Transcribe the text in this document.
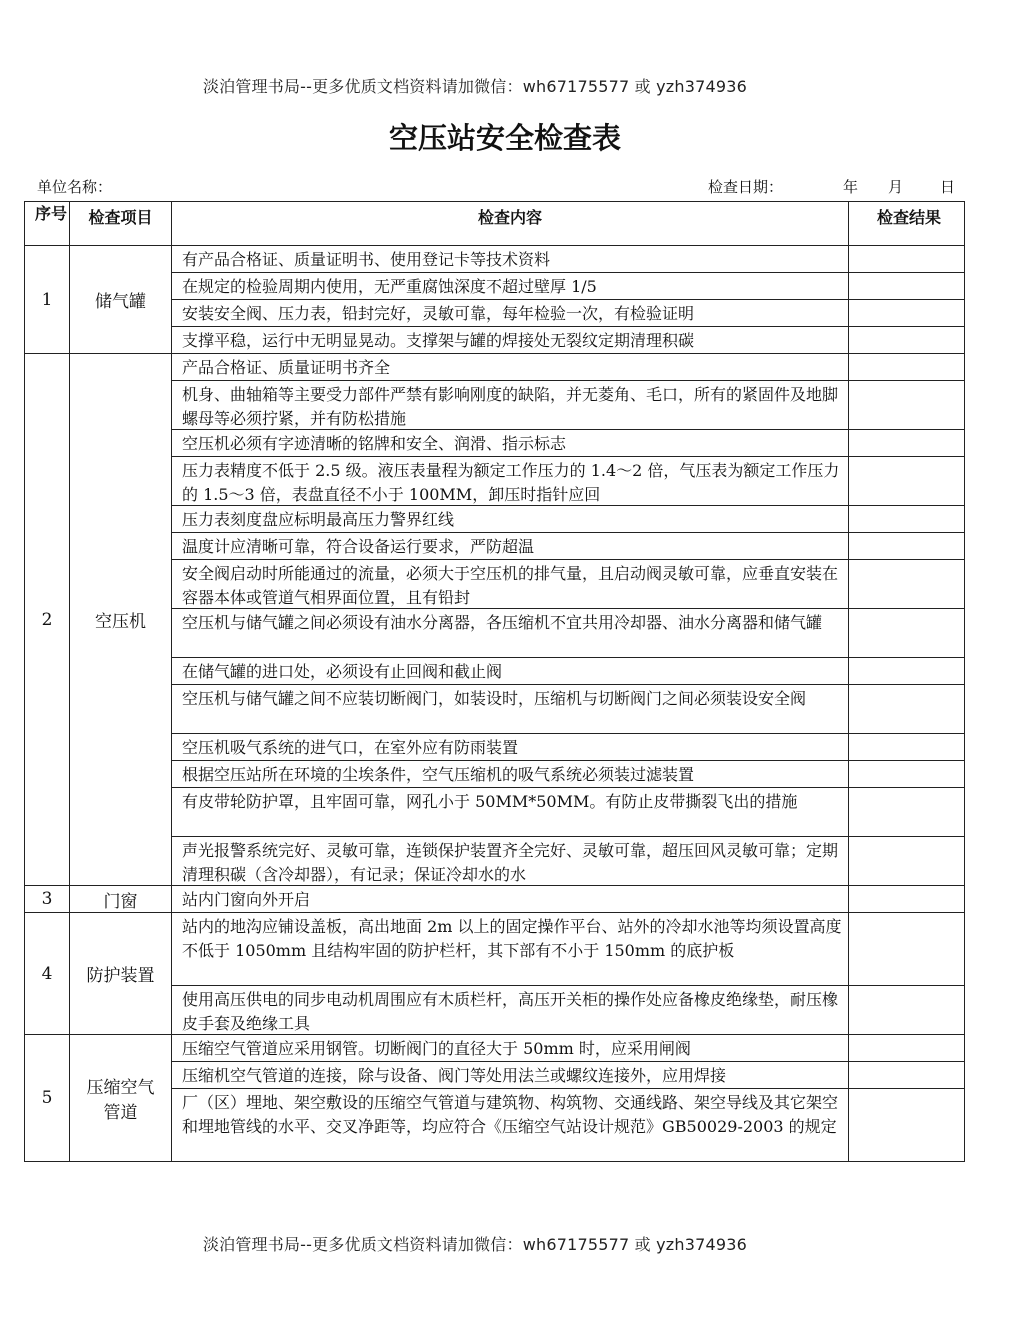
淡泊管理书局--更多优质文档资料请加微信：wh67175577 或 yzh374936
空压站安全检查表
单位名称：	检查日期：	年 月 日
序号	检查项目	检查内容	检查结果
1	储气罐	有产品合格证、质量证明书、使用登记卡等技术资料	

		在规定的检验周期内使用，无严重腐蚀深度不超过壁厚 1/5	

		安装安全阀、压力表，铅封完好，灵敏可靠，每年检验一次，有检验证明	

		支撑平稳，运行中无明显晃动。支撑架与罐的焊接处无裂纹定期清理积碳	

2	空压机	产品合格证、质量证明书齐全	

		机身、曲轴箱等主要受力部件严禁有影响刚度的缺陷，并无菱角、毛口，所有的紧固件及地脚螺母等必须拧紧，并有防松措施	

		空压机必须有字迹清晰的铭牌和安全、润滑、指示标志	

		压力表精度不低于 2.5 级。液压表量程为额定工作压力的 1.4～2 倍，气压表为额定工作压力的 1.5～3 倍，表盘直径不小于 100MM，卸压时指针应回	

		压力表刻度盘应标明最高压力警界红线	

		温度计应清晰可靠，符合设备运行要求，严防超温	

		安全阀启动时所能通过的流量，必须大于空压机的排气量，且启动阀灵敏可靠，应垂直安装在容器本体或管道气相界面位置，且有铅封	

		空压机与储气罐之间必须设有油水分离器，各压缩机不宜共用冷却器、油水分离器和储气罐	

		在储气罐的进口处，必须设有止回阀和截止阀	

		空压机与储气罐之间不应装切断阀门，如装设时，压缩机与切断阀门之间必须装设安全阀	

		空压机吸气系统的进气口，在室外应有防雨装置	

		根据空压站所在环境的尘埃条件，空气压缩机的吸气系统必须装过滤装置	

		有皮带轮防护罩，且牢固可靠，网孔小于 50MM*50MM。有防止皮带撕裂飞出的措施	

		声光报警系统完好、灵敏可靠，连锁保护装置齐全完好、灵敏可靠，超压回风灵敏可靠；定期清理积碳（含冷却器），有记录；保证冷却水的水	

3	门窗	站内门窗向外开启	

4	防护装置	站内的地沟应铺设盖板，高出地面 2m 以上的固定操作平台、站外的冷却水池等均须设置高度不低于 1050mm 且结构牢固的防护栏杆，其下部有不小于 150mm 的底护板	

		使用高压供电的同步电动机周围应有木质栏杆，高压开关柜的操作处应备橡皮绝缘垫，耐压橡皮手套及绝缘工具	

5	压缩空气管道	压缩空气管道应采用钢管。切断阀门的直径大于 50mm 时，应采用闸阀	

		压缩机空气管道的连接，除与设备、阀门等处用法兰或螺纹连接外，应用焊接	

		厂（区）埋地、架空敷设的压缩空气管道与建筑物、构筑物、交通线路、架空导线及其它架空和埋地管线的水平、交叉净距等，均应符合《压缩空气站设计规范》GB50029-2003 的规定	

淡泊管理书局--更多优质文档资料请加微信：wh67175577 或 yzh374936
